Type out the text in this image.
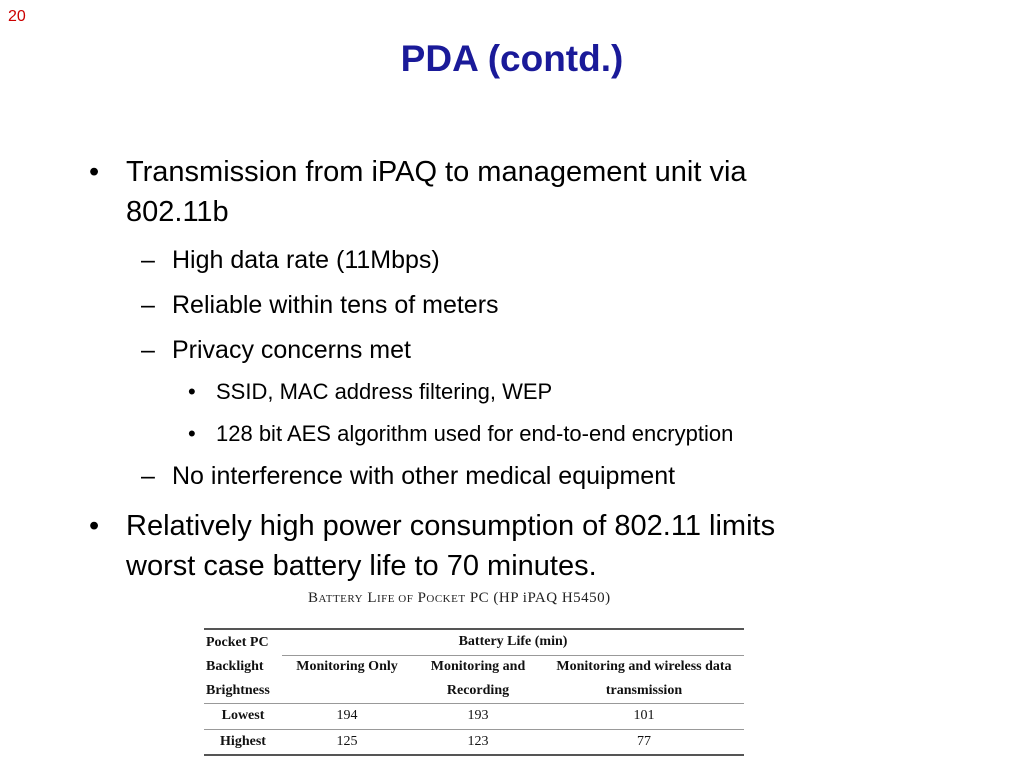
20
PDA (contd.)
• Transmission from iPAQ to management unit via
802.11b
– High data rate (11Mbps)
– Reliable within tens of meters
– Privacy concerns met
• SSID, MAC address filtering, WEP
• 128 bit AES algorithm used for end-to-end encryption
– No interference with other medical equipment
• Relatively high power consumption of 802.11 limits
worst case battery life to 70 minutes.
BATTERY LIFE OF POCKET PC (HP iPAQ H5450)
Pocket PC	Battery Life (min)		
Backlight	Monitoring Only	Monitoring and	Monitoring and wireless data
Brightness		Recording	transmission
Lowest	194	193	101
Highest	125	123	77
